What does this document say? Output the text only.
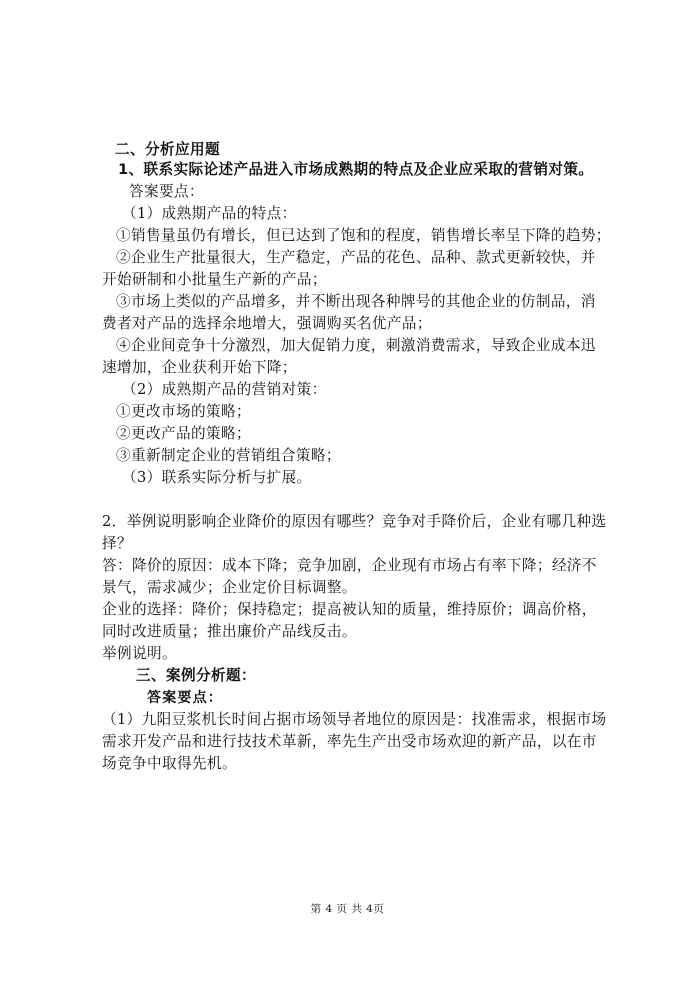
二、分析应用题
1、联系实际论述产品进入市场成熟期的特点及企业应采取的营销对策。
答案要点：
（1）成熟期产品的特点：
①销售量虽仍有增长，但已达到了饱和的程度，销售增长率呈下降的趋势；
②企业生产批量很大，生产稳定，产品的花色、品种、款式更新较快，并
开始研制和小批量生产新的产品；
③市场上类似的产品增多，并不断出现各种牌号的其他企业的仿制品，消
费者对产品的选择余地增大，强调购买名优产品；
④企业间竞争十分激烈，加大促销力度，刺激消费需求，导致企业成本迅
速增加，企业获利开始下降；
（2）成熟期产品的营销对策：
①更改市场的策略；
②更改产品的策略；
③重新制定企业的营销组合策略；
（3）联系实际分析与扩展。
2．举例说明影响企业降价的原因有哪些？竞争对手降价后，企业有哪几种选
择？
答：降价的原因：成本下降；竞争加剧，企业现有市场占有率下降；经济不
景气，需求减少；企业定价目标调整。
企业的选择：降价；保持稳定；提高被认知的质量，维持原价；调高价格，
同时改进质量；推出廉价产品线反击。
举例说明。
三、案例分析题：
答案要点：
（1）九阳豆浆机长时间占据市场领导者地位的原因是：找准需求，根据市场
需求开发产品和进行技技术革新，率先生产出受市场欢迎的新产品，以在市
场竞争中取得先机。
第 4 页 共 4页
